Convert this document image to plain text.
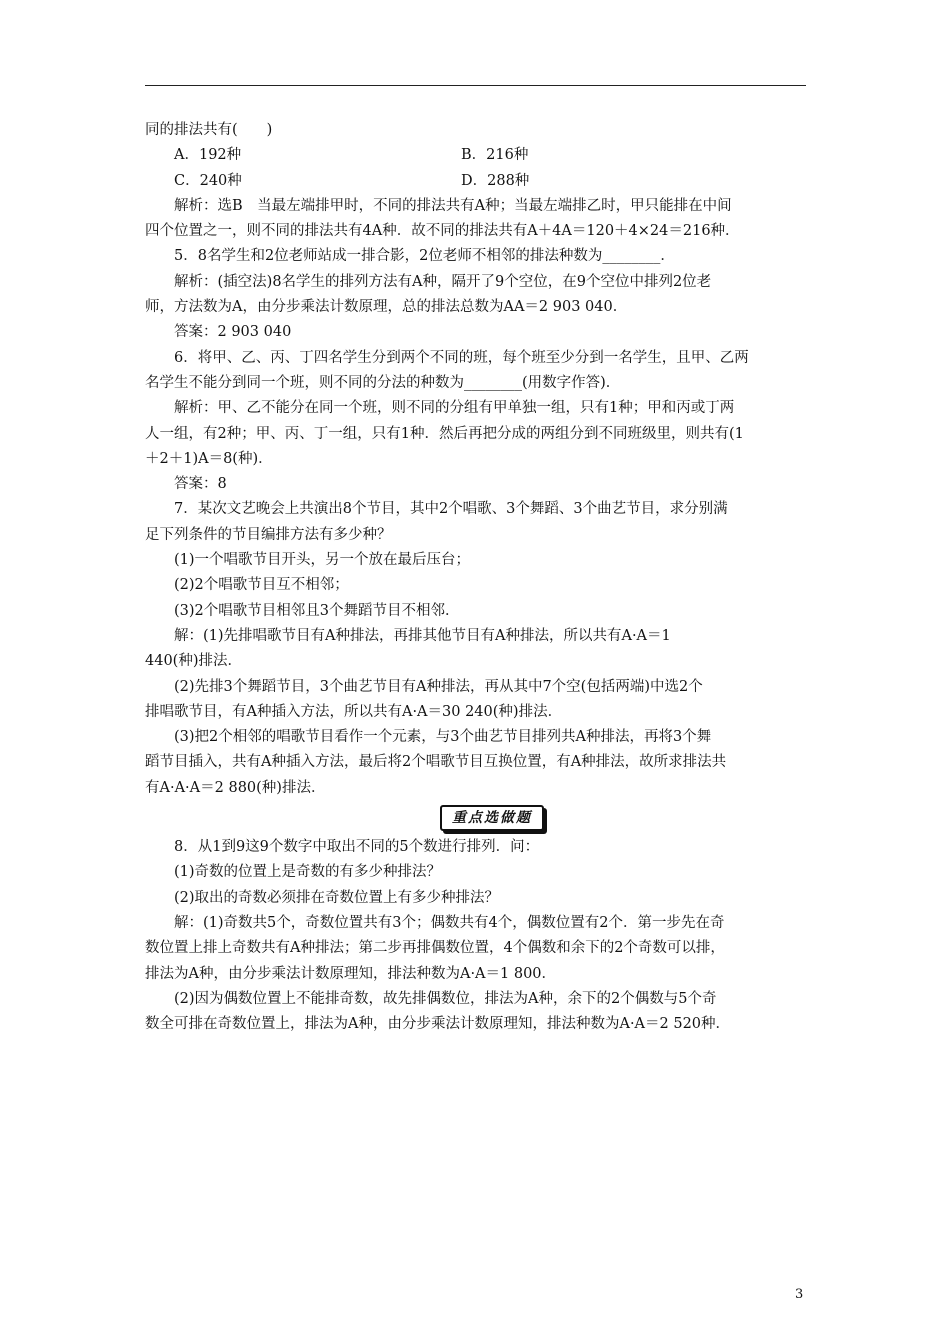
同的排法共有(　　)

A．192种	B．216种
C．240种	D．288种

解析：选B　当最左端排甲时，不同的排法共有A种；当最左端排乙时，甲只能排在中间

四个位置之一，则不同的排法共有4A种．故不同的排法共有A＋4A＝120＋4×24＝216种．

5．8名学生和2位老师站成一排合影，2位老师不相邻的排法种数为________．

解析：(插空法)8名学生的排列方法有A种，隔开了9个空位，在9个空位中排列2位老

师，方法数为A，由分步乘法计数原理，总的排法总数为AA＝2 903 040．

答案：2 903 040

6．将甲、乙、丙、丁四名学生分到两个不同的班，每个班至少分到一名学生，且甲、乙两

名学生不能分到同一个班，则不同的分法的种数为________(用数字作答)．

解析：甲、乙不能分在同一个班，则不同的分组有甲单独一组，只有1种；甲和丙或丁两

人一组，有2种；甲、丙、丁一组，只有1种．然后再把分成的两组分到不同班级里，则共有(1

＋2＋1)A＝8(种)．

答案：8

7．某次文艺晚会上共演出8个节目，其中2个唱歌、3个舞蹈、3个曲艺节目，求分别满

足下列条件的节目编排方法有多少种？

(1)一个唱歌节目开头，另一个放在最后压台；

(2)2个唱歌节目互不相邻；

(3)2个唱歌节目相邻且3个舞蹈节目不相邻．

解：(1)先排唱歌节目有A种排法，再排其他节目有A种排法，所以共有A·A＝1

440(种)排法．

(2)先排3个舞蹈节目，3个曲艺节目有A种排法，再从其中7个空(包括两端)中选2个

排唱歌节目，有A种插入方法，所以共有A·A＝30 240(种)排法．

(3)把2个相邻的唱歌节目看作一个元素，与3个曲艺节目排列共A种排法，再将3个舞

蹈节目插入，共有A种插入方法，最后将2个唱歌节目互换位置，有A种排法，故所求排法共

有A·A·A＝2 880(种)排法．

重点选做题

8．从1到9这9个数字中取出不同的5个数进行排列．问：

(1)奇数的位置上是奇数的有多少种排法？

(2)取出的奇数必须排在奇数位置上有多少种排法？

解：(1)奇数共5个，奇数位置共有3个；偶数共有4个，偶数位置有2个．第一步先在奇

数位置上排上奇数共有A种排法；第二步再排偶数位置，4个偶数和余下的2个奇数可以排，

排法为A种，由分步乘法计数原理知，排法种数为A·A＝1 800．

(2)因为偶数位置上不能排奇数，故先排偶数位，排法为A种，余下的2个偶数与5个奇

数全可排在奇数位置上，排法为A种，由分步乘法计数原理知，排法种数为A·A＝2 520种．

3
